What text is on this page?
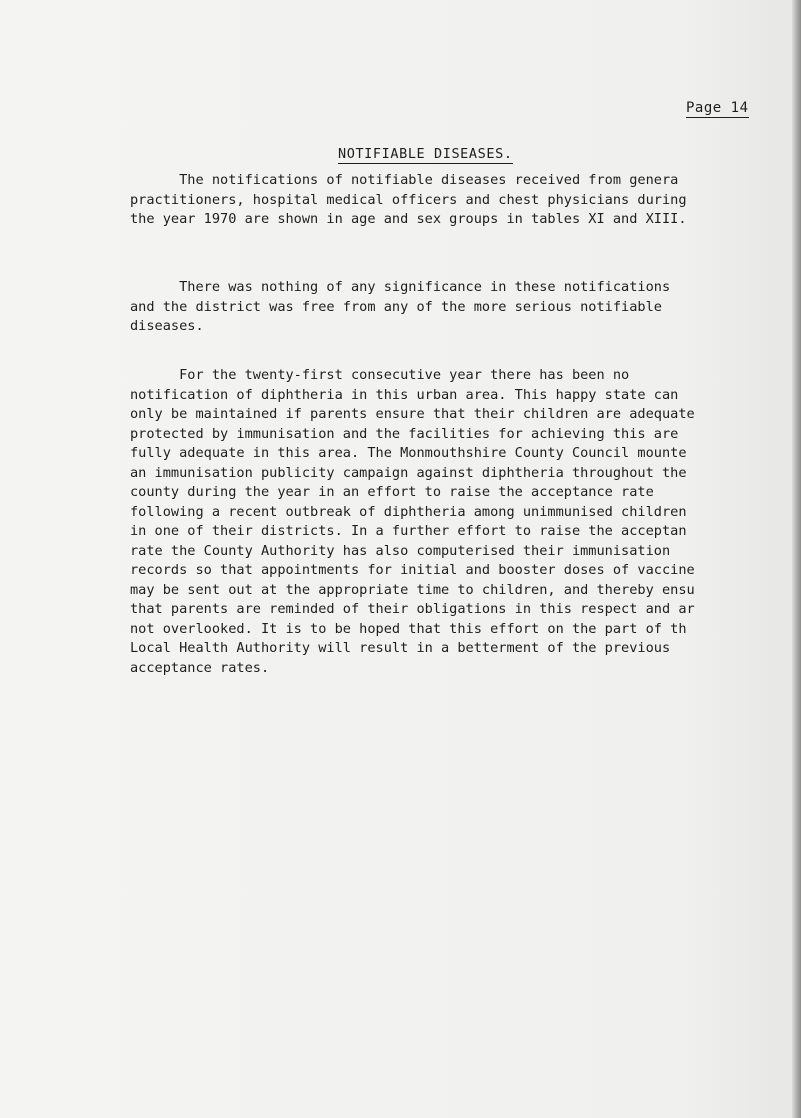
Page 14
NOTIFIABLE DISEASES.
The notifications of notifiable diseases received from genera
practitioners, hospital medical officers and chest physicians during
the year 1970 are shown in age and sex groups in tables XI and XIII.
There was nothing of any significance in these notifications
and the district was free from any of the more serious notifiable
diseases.
For the twenty-first consecutive year there has been no
notification of diphtheria in this urban area. This happy state can
only be maintained if parents ensure that their children are adequate
protected by immunisation and the facilities for achieving this are
fully adequate in this area. The Monmouthshire County Council mounte
an immunisation publicity campaign against diphtheria throughout the
county during the year in an effort to raise the acceptance rate
following a recent outbreak of diphtheria among unimmunised children
in one of their districts. In a further effort to raise the acceptan
rate the County Authority has also computerised their immunisation
records so that appointments for initial and booster doses of vaccine
may be sent out at the appropriate time to children, and thereby ensu
that parents are reminded of their obligations in this respect and ar
not overlooked. It is to be hoped that this effort on the part of th
Local Health Authority will result in a betterment of the previous
acceptance rates.
